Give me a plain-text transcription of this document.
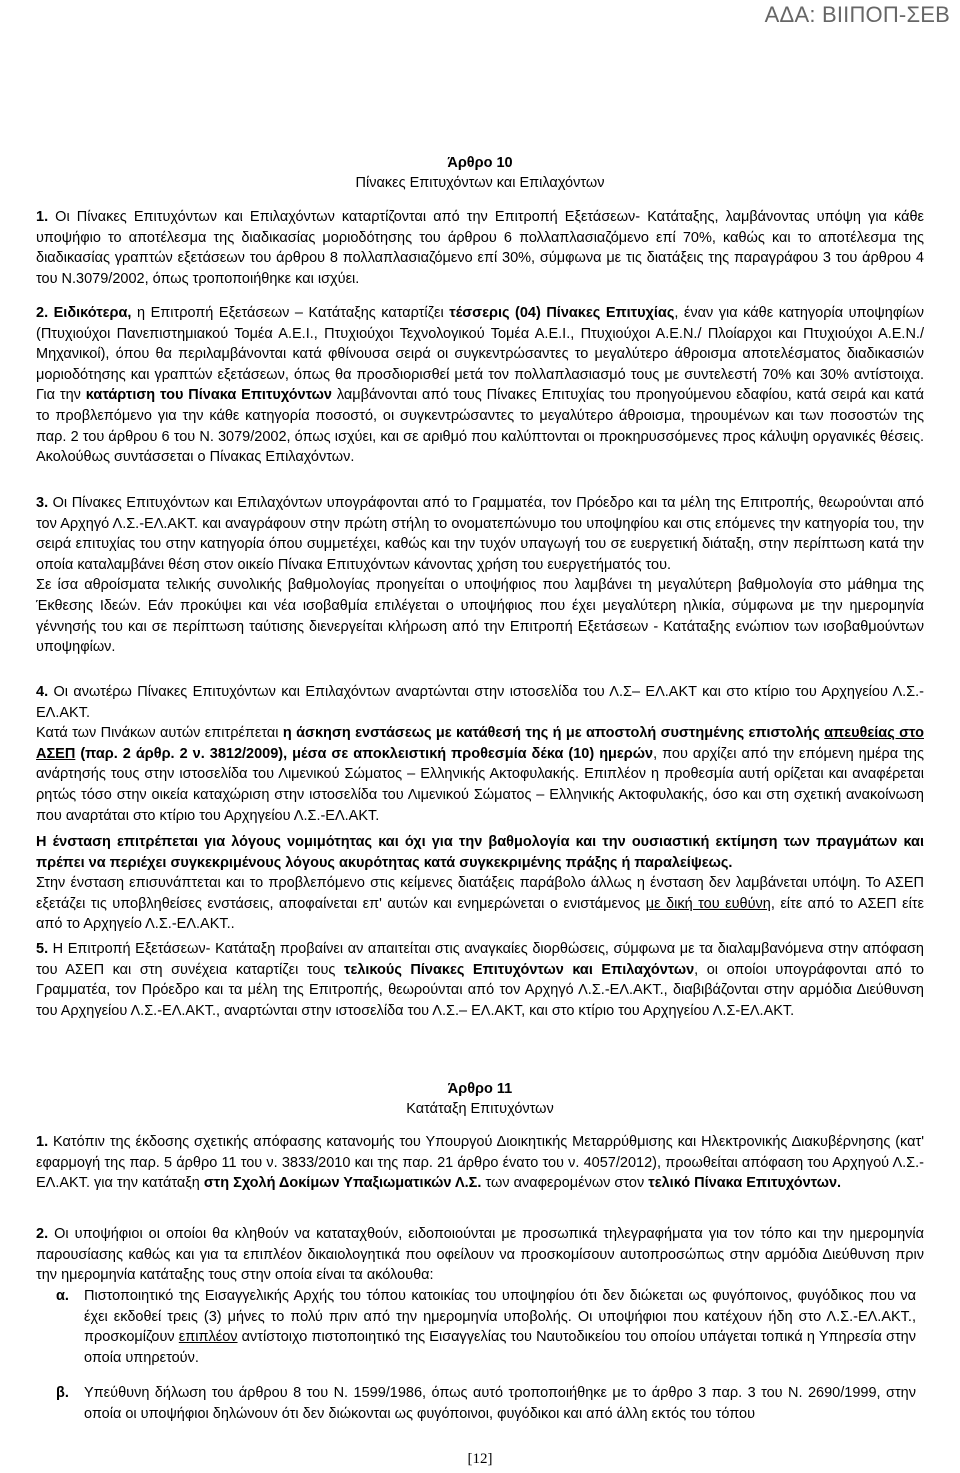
ΑΔΑ: ΒΙΙΠΟΠ-ΣΕΒ
Άρθρο 10
Πίνακες Επιτυχόντων και Επιλαχόντων
1. Οι Πίνακες Επιτυχόντων και Επιλαχόντων καταρτίζονται από την Επιτροπή Εξετάσεων- Κατάταξης, λαμβάνοντας υπόψη για κάθε υποψήφιο το αποτέλεσμα της διαδικασίας μοριοδότησης του άρθρου 6 πολλαπλασιαζόμενο επί 70%, καθώς και το αποτέλεσμα της διαδικασίας γραπτών εξετάσεων του άρθρου 8 πολλαπλασιαζόμενο επί 30%, σύμφωνα με τις διατάξεις της παραγράφου 3 του άρθρου 4 του Ν.3079/2002, όπως τροποποιήθηκε και ισχύει.
2. Ειδικότερα, η Επιτροπή Εξετάσεων – Κατάταξης καταρτίζει τέσσερις (04) Πίνακες Επιτυχίας, έναν για κάθε κατηγορία υποψηφίων (Πτυχιούχοι Πανεπιστημιακού Τομέα Α.Ε.Ι., Πτυχιούχοι Τεχνολογικού Τομέα Α.Ε.Ι., Πτυχιούχοι Α.Ε.Ν./ Πλοίαρχοι και Πτυχιούχοι Α.Ε.Ν./ Μηχανικοί), όπου θα περιλαμβάνονται κατά φθίνουσα σειρά οι συγκεντρώσαντες το μεγαλύτερο άθροισμα αποτελέσματος διαδικασιών μοριοδότησης και γραπτών εξετάσεων, όπως θα προσδιορισθεί μετά τον πολλαπλασιασμό τους με συντελεστή 70% και 30% αντίστοιχα. Για την κατάρτιση του Πίνακα Επιτυχόντων λαμβάνονται από τους Πίνακες Επιτυχίας του προηγούμενου εδαφίου, κατά σειρά και κατά το προβλεπόμενο για την κάθε κατηγορία ποσοστό, οι συγκεντρώσαντες το μεγαλύτερο άθροισμα, τηρουμένων και των ποσοστών της παρ. 2 του άρθρου 6 του Ν. 3079/2002, όπως ισχύει, και σε αριθμό που καλύπτονται οι προκηρυσσόμενες προς κάλυψη οργανικές θέσεις. Ακολούθως συντάσσεται ο Πίνακας Επιλαχόντων.
3. Οι Πίνακες Επιτυχόντων και Επιλαχόντων υπογράφονται από το Γραμματέα, τον Πρόεδρο και τα μέλη της Επιτροπής, θεωρούνται από τον Αρχηγό Λ.Σ.-ΕΛ.ΑΚΤ. και αναγράφουν στην πρώτη στήλη το ονοματεπώνυμο του υποψηφίου και στις επόμενες την κατηγορία του, την σειρά επιτυχίας του στην κατηγορία όπου συμμετέχει, καθώς και την τυχόν υπαγωγή του σε ευεργετική διάταξη, στην περίπτωση κατά την οποία καταλαμβάνει θέση στον οικείο Πίνακα Επιτυχόντων κάνοντας χρήση του ευεργετήματός του.
Σε ίσα αθροίσματα τελικής συνολικής βαθμολογίας προηγείται ο υποψήφιος που λαμβάνει τη μεγαλύτερη βαθμολογία στο μάθημα της Έκθεσης Ιδεών. Εάν προκύψει και νέα ισοβαθμία επιλέγεται ο υποψήφιος που έχει μεγαλύτερη ηλικία, σύμφωνα με την ημερομηνία γέννησής του και σε περίπτωση ταύτισης διενεργείται κλήρωση από την Επιτροπή Εξετάσεων - Κατάταξης ενώπιον των ισοβαθμούντων υποψηφίων.
4. Οι ανωτέρω Πίνακες Επιτυχόντων και Επιλαχόντων αναρτώνται στην ιστοσελίδα του Λ.Σ– ΕΛ.ΑΚΤ και στο κτίριο του Αρχηγείου Λ.Σ.-ΕΛ.ΑΚΤ.
Κατά των Πινάκων αυτών επιτρέπεται η άσκηση ενστάσεως με κατάθεσή της ή με αποστολή συστημένης επιστολής απευθείας στο ΑΣΕΠ (παρ. 2 άρθρ. 2 ν. 3812/2009), μέσα σε αποκλειστική προθεσμία δέκα (10) ημερών, που αρχίζει από την επόμενη ημέρα της ανάρτησής τους στην ιστοσελίδα του Λιμενικού Σώματος – Ελληνικής Ακτοφυλακής. Επιπλέον η προθεσμία αυτή ορίζεται και αναφέρεται ρητώς τόσο στην οικεία καταχώριση στην ιστοσελίδα του Λιμενικού Σώματος – Ελληνικής Ακτοφυλακής, όσο και στη σχετική ανακοίνωση που αναρτάται στο κτίριο του Αρχηγείου Λ.Σ.-ΕΛ.ΑΚΤ.
Η ένσταση επιτρέπεται για λόγους νομιμότητας και όχι για την βαθμολογία και την ουσιαστική εκτίμηση των πραγμάτων και πρέπει να περιέχει συγκεκριμένους λόγους ακυρότητας κατά συγκεκριμένης πράξης ή παραλείψεως.
Στην ένσταση επισυνάπτεται και το προβλεπόμενο στις κείμενες διατάξεις παράβολο άλλως η ένσταση δεν λαμβάνεται υπόψη. Το ΑΣΕΠ εξετάζει τις υποβληθείσες ενστάσεις, αποφαίνεται επ' αυτών και ενημερώνεται ο ενιστάμενος με δική του ευθύνη, είτε από το ΑΣΕΠ είτε από το Αρχηγείο Λ.Σ.-ΕΛ.ΑΚΤ..
5. Η Επιτροπή Εξετάσεων- Κατάταξη προβαίνει αν απαιτείται στις αναγκαίες διορθώσεις, σύμφωνα με τα διαλαμβανόμενα στην απόφαση του ΑΣΕΠ και στη συνέχεια καταρτίζει τους τελικούς Πίνακες Επιτυχόντων και Επιλαχόντων, οι οποίοι υπογράφονται από το Γραμματέα, τον Πρόεδρο και τα μέλη της Επιτροπής, θεωρούνται από τον Αρχηγό Λ.Σ.-ΕΛ.ΑΚΤ., διαβιβάζονται στην αρμόδια Διεύθυνση του Αρχηγείου Λ.Σ.-ΕΛ.ΑΚΤ., αναρτώνται στην ιστοσελίδα του Λ.Σ.– ΕΛ.ΑΚΤ, και στο κτίριο του Αρχηγείου Λ.Σ-ΕΛ.ΑΚΤ.
Άρθρο 11
Κατάταξη Επιτυχόντων
1. Κατόπιν της έκδοσης σχετικής απόφασης κατανομής του Υπουργού Διοικητικής Μεταρρύθμισης και Ηλεκτρονικής Διακυβέρνησης (κατ' εφαρμογή της παρ. 5 άρθρο 11 του ν. 3833/2010 και της παρ. 21 άρθρο έvατο του ν. 4057/2012), προωθείται απόφαση του Αρχηγού Λ.Σ.-ΕΛ.ΑΚΤ. για την κατάταξη στη Σχολή Δοκίμων Υπαξιωματικών Λ.Σ. των αναφερομένων στον τελικό Πίνακα Επιτυχόντων.
2. Οι υποψήφιοι οι οποίοι θα κληθούν να καταταχθούν, ειδοποιούνται με προσωπικά τηλεγραφήματα για τον τόπο και την ημερομηνία παρουσίασης καθώς και για τα επιπλέον δικαιολογητικά που οφείλουν να προσκομίσουν αυτοπροσώπως στην αρμόδια Διεύθυνση πριν την ημερομηνία κατάταξης τους στην οποία είναι τα ακόλουθα:
α.	Πιστοποιητικό της Εισαγγελικής Αρχής του τόπου κατοικίας του υποψηφίου ότι δεν διώκεται ως φυγόποινος, φυγόδικος που να έχει εκδοθεί τρεις (3) μήνες το πολύ πριν από την ημερομηνία υποβολής. Οι υποψήφιοι που κατέχουν ήδη στο Λ.Σ.-ΕΛ.ΑΚΤ., προσκομίζουν επιπλέον αντίστοιχο πιστοποιητικό της Εισαγγελίας του Ναυτοδικείου του οποίου υπάγεται τοπικά η Υπηρεσία στην οποία υπηρετούν.
β.	Υπεύθυνη δήλωση του άρθρου 8 του Ν. 1599/1986, όπως αυτό τροποποιήθηκε με το άρθρο 3 παρ. 3 του Ν. 2690/1999, στην οποία οι υποψήφιοι δηλώνουν ότι δεν διώκονται ως φυγόποινοι, φυγόδικοι και από άλλη εκτός του τόπου
[12]
